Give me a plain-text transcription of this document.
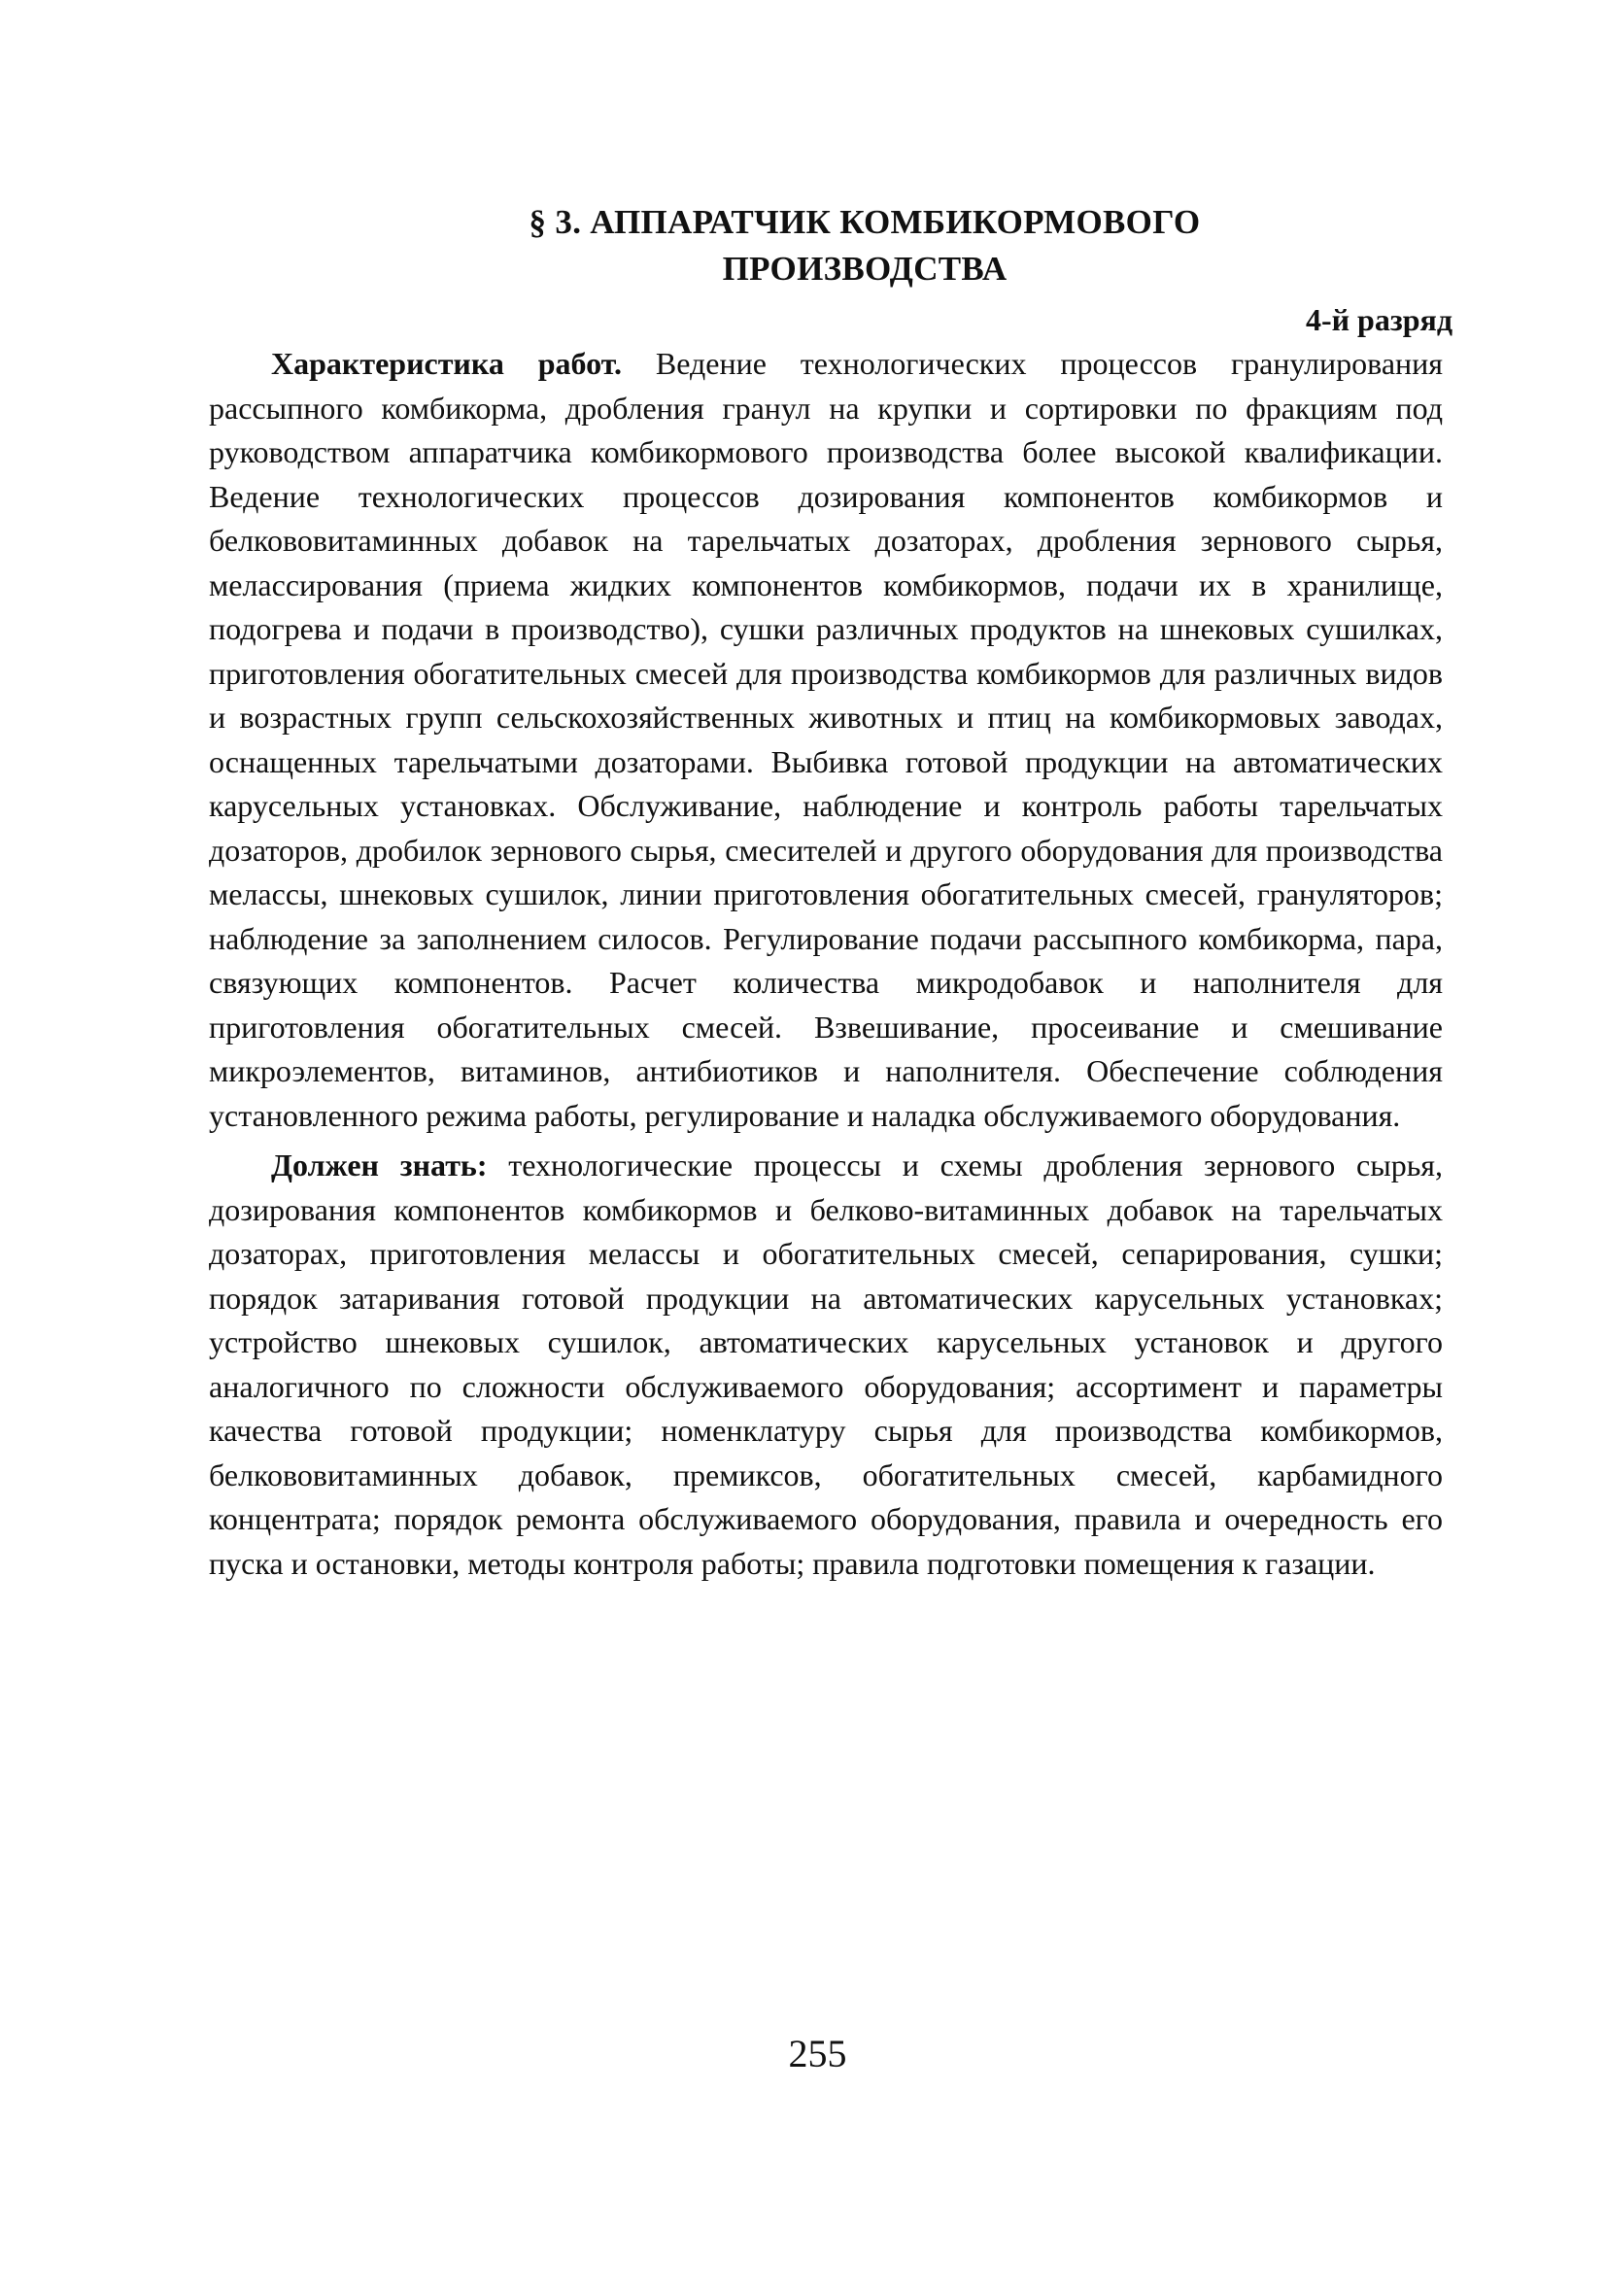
§ 3. АППАРАТЧИК КОМБИКОРМОВОГО
ПРОИЗВОДСТВА
4-й разряд

Характеристика работ. Ведение технологических процессов гранулирования рассыпного комбикорма, дробления гранул на крупки и сортировки по фракциям под руководством аппаратчика комбикормового производства более высокой квалификации. Ведение технологических процессов дозирования компонентов комбикормов и белкововитаминных добавок на тарельчатых дозаторах, дробления зернового сырья, мелассирования (приема жидких компонентов комбикормов, подачи их в хранилище, подогрева и подачи в производство), сушки различных продуктов на шнековых сушилках, приготовления обогатительных смесей для производства комбикормов для различных видов и возрастных групп сельскохозяйственных животных и птиц на комбикормовых заводах, оснащенных тарельчатыми дозаторами. Выбивка готовой продукции на автоматических карусельных установках. Обслуживание, наблюдение и контроль работы тарельчатых дозаторов, дробилок зернового сырья, смесителей и другого оборудования для производства мелассы, шнековых сушилок, линии приготовления обогатительных смесей, грануляторов; наблюдение за заполнением силосов. Регулирование подачи рассыпного комбикорма, пара, связующих компонентов. Расчет количества микродобавок и наполнителя для приготовления обогатительных смесей. Взвешивание, просеивание и смешивание микроэлементов, витаминов, антибиотиков и наполнителя. Обеспечение соблюдения установленного режима работы, регулирование и наладка обслуживаемого оборудования.

Должен знать: технологические процессы и схемы дробления зернового сырья, дозирования компонентов комбикормов и белково-витаминных добавок на тарельчатых дозаторах, приготовления мелассы и обогатительных смесей, сепарирования, сушки; порядок затаривания готовой продукции на автоматических карусельных установках; устройство шнековых сушилок, автоматических карусельных установок и другого аналогичного по сложности обслуживаемого оборудования; ассортимент и параметры качества готовой продукции; номенклатуру сырья для производства комбикормов, белкововитаминных добавок, премиксов, обогатительных смесей, карбамидного концентрата; порядок ремонта обслуживаемого оборудования, правила и очередность его пуска и остановки, методы контроля работы; правила подготовки помещения к газации.

255
